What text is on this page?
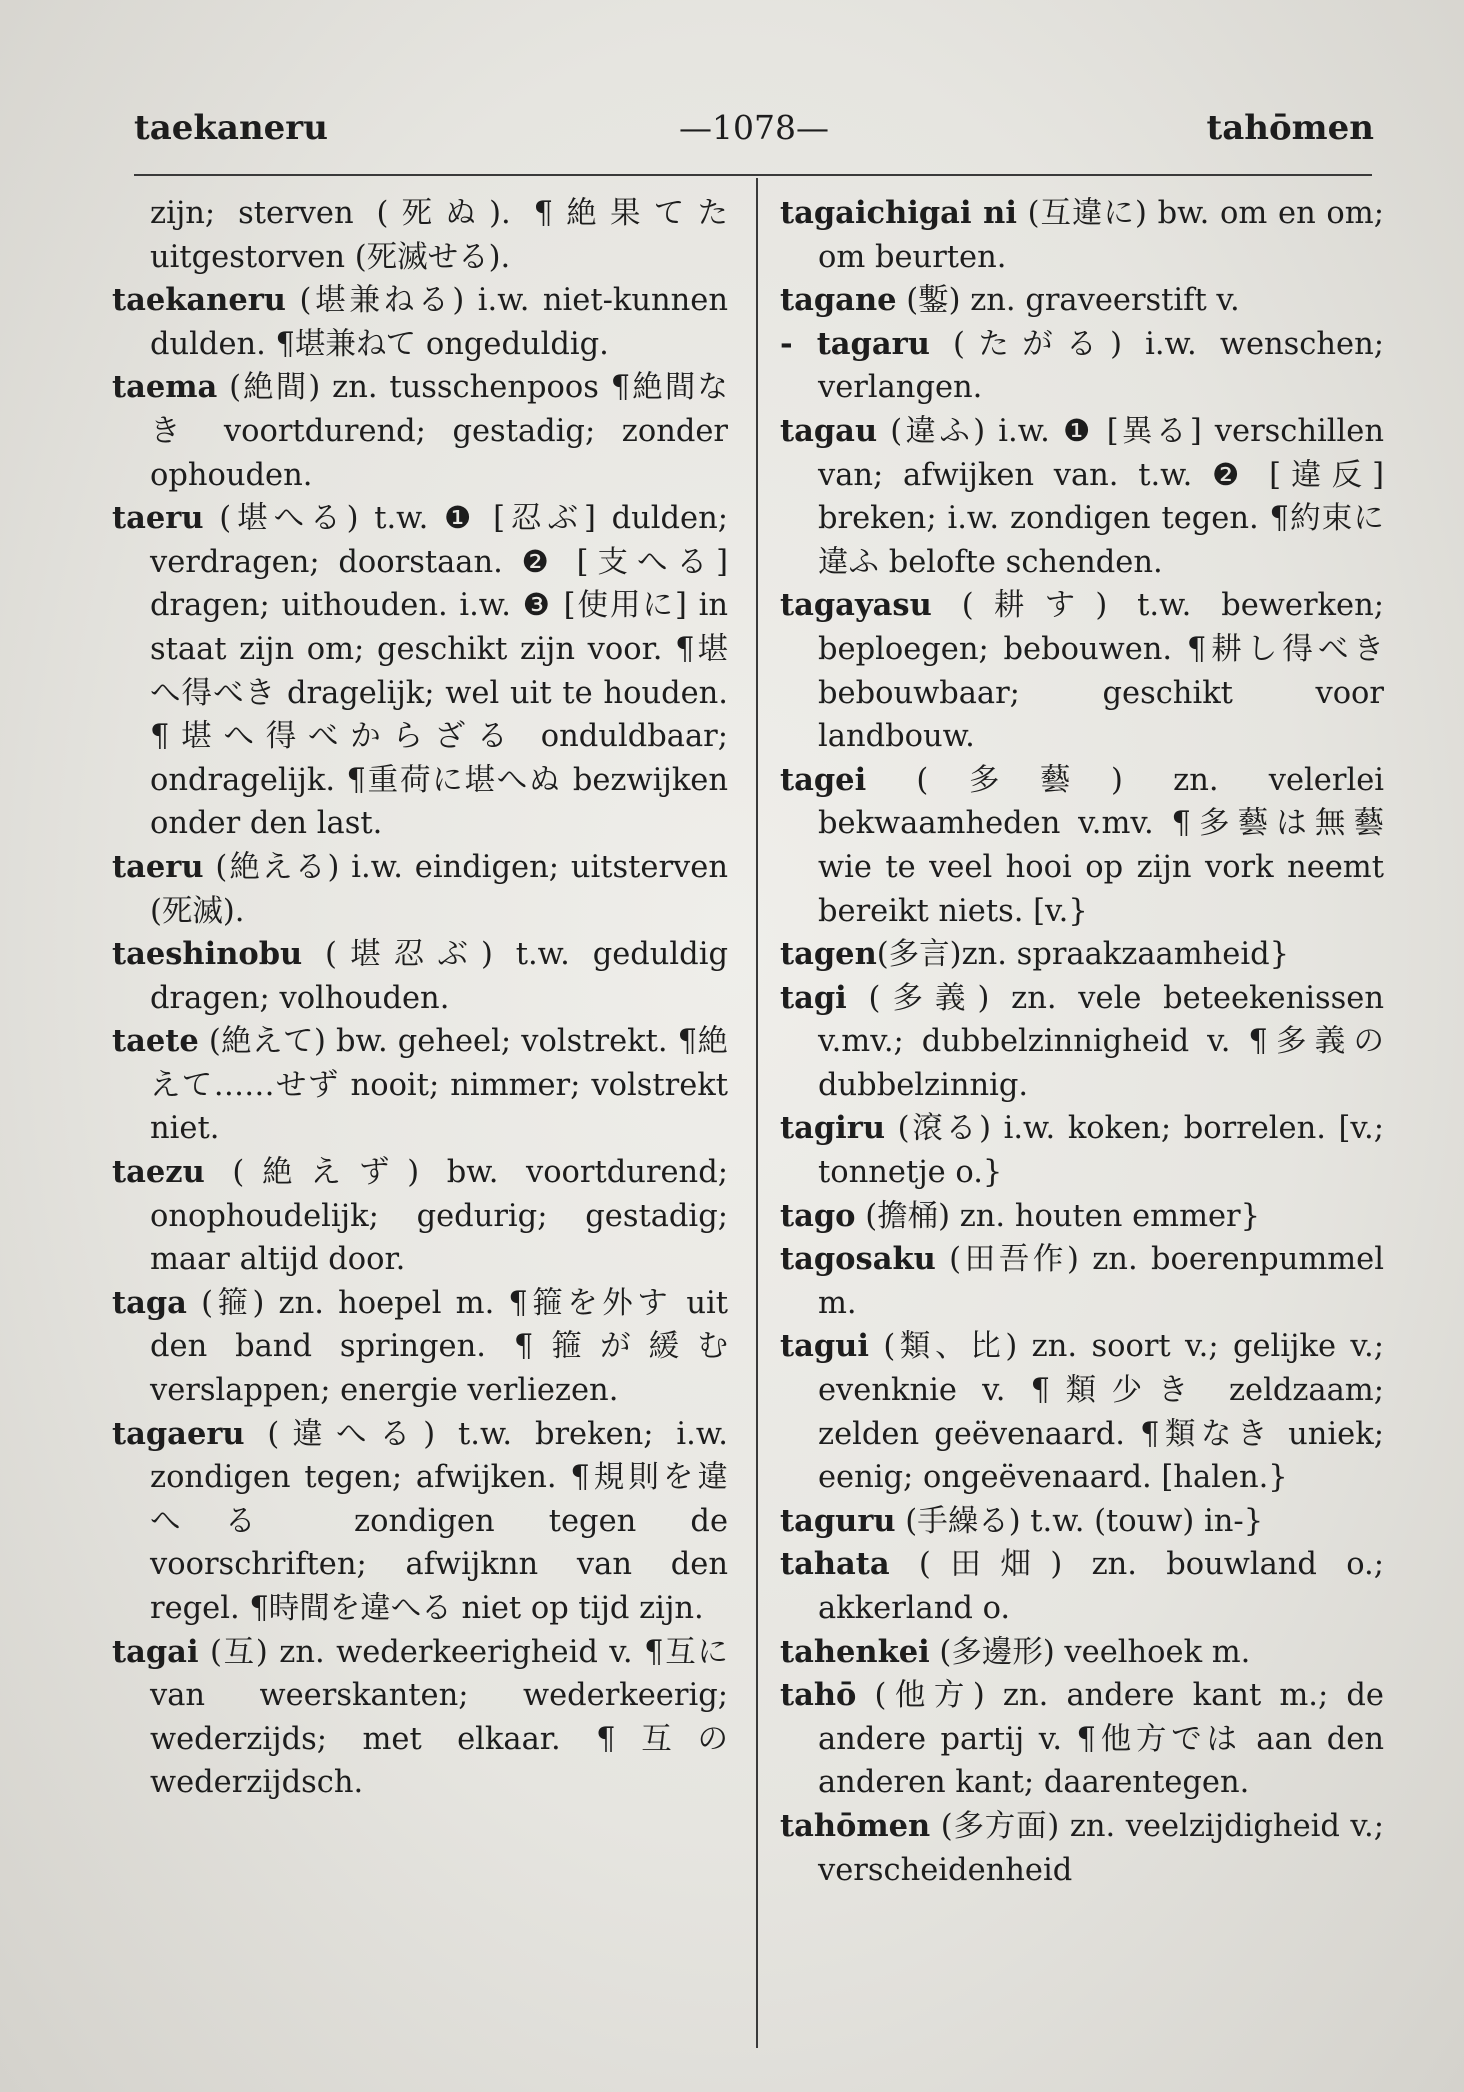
taekaneru	—1078—	tahōmen

zijn; sterven (死ぬ). ¶絶果てた uitgestorven (死滅せる).

taekaneru (堪兼ねる) i.w. niet-kunnen dulden. ¶堪兼ねて ongeduldig.

taema (絶間) zn. tusschenpoos ¶絶間なき voortdurend; gestadig; zonder ophouden.

taeru (堪へる) t.w. ❶ [忍ぶ] dulden; verdragen; doorstaan. ❷ [支へる] dragen; uithouden. i.w. ❸ [使用に] in staat zijn om; geschikt zijn voor. ¶堪へ得べき dragelijk; wel uit te houden. ¶堪へ得べからざる onduldbaar; ondragelijk. ¶重荷に堪へぬ bezwijken onder den last.

taeru (絶える) i.w. eindigen; uitsterven (死滅).

taeshinobu (堪忍ぶ) t.w. geduldig dragen; volhouden.

taete (絶えて) bw. geheel; volstrekt. ¶絶えて……せず nooit; nimmer; volstrekt niet.

taezu (絶えず) bw. voortdurend; onophoudelijk; gedurig; gestadig; maar altijd door.

taga (箍) zn. hoepel m. ¶箍を外す uit den band springen. ¶箍が緩む verslappen; energie verliezen.

tagaeru (違へる) t.w. breken; i.w. zondigen tegen; afwijken. ¶規則を違へる zondigen tegen de voorschriften; afwijknn van den regel. ¶時間を違へる niet op tijd zijn.

tagai (互) zn. wederkeerigheid v. ¶互に van weerskanten; wederkeerig; wederzijds; met elkaar. ¶互の wederzijdsch.

tagaichigai ni (互違に) bw. om en om; om beurten.

tagane (鏨) zn. graveerstift v.

- tagaru (たがる) i.w. wenschen; verlangen.

tagau (違ふ) i.w. ❶ [異る] verschillen van; afwijken van. t.w. ❷ [違反] breken; i.w. zondigen tegen. ¶約束に違ふ belofte schenden.

tagayasu (耕す) t.w. bewerken; beploegen; bebouwen. ¶耕し得べき bebouwbaar; geschikt voor landbouw.

tagei (多藝) zn. velerlei bekwaamheden v.mv. ¶多藝は無藝 wie te veel hooi op zijn vork neemt bereikt niets. [v.}

tagen(多言)zn. spraakzaamheid}

tagi (多義) zn. vele beteekenissen v.mv.; dubbelzinnigheid v. ¶多義の dubbelzinnig.

tagiru (滾る) i.w. koken; borrelen. [v.; tonnetje o.}

tago (擔桶) zn. houten emmer}

tagosaku (田吾作) zn. boerenpummel m.

tagui (類、比) zn. soort v.; gelijke v.; evenknie v. ¶類少き zeldzaam; zelden geëvenaard. ¶類なき uniek; eenig; ongeëvenaard. [halen.}

taguru (手繰る) t.w. (touw) in-}

tahata (田畑) zn. bouwland o.; akkerland o.

tahenkei (多邊形) veelhoek m.

tahō (他方) zn. andere kant m.; de andere partij v. ¶他方では aan den anderen kant; daarentegen.

tahōmen (多方面) zn. veelzijdigheid v.; verscheidenheid
